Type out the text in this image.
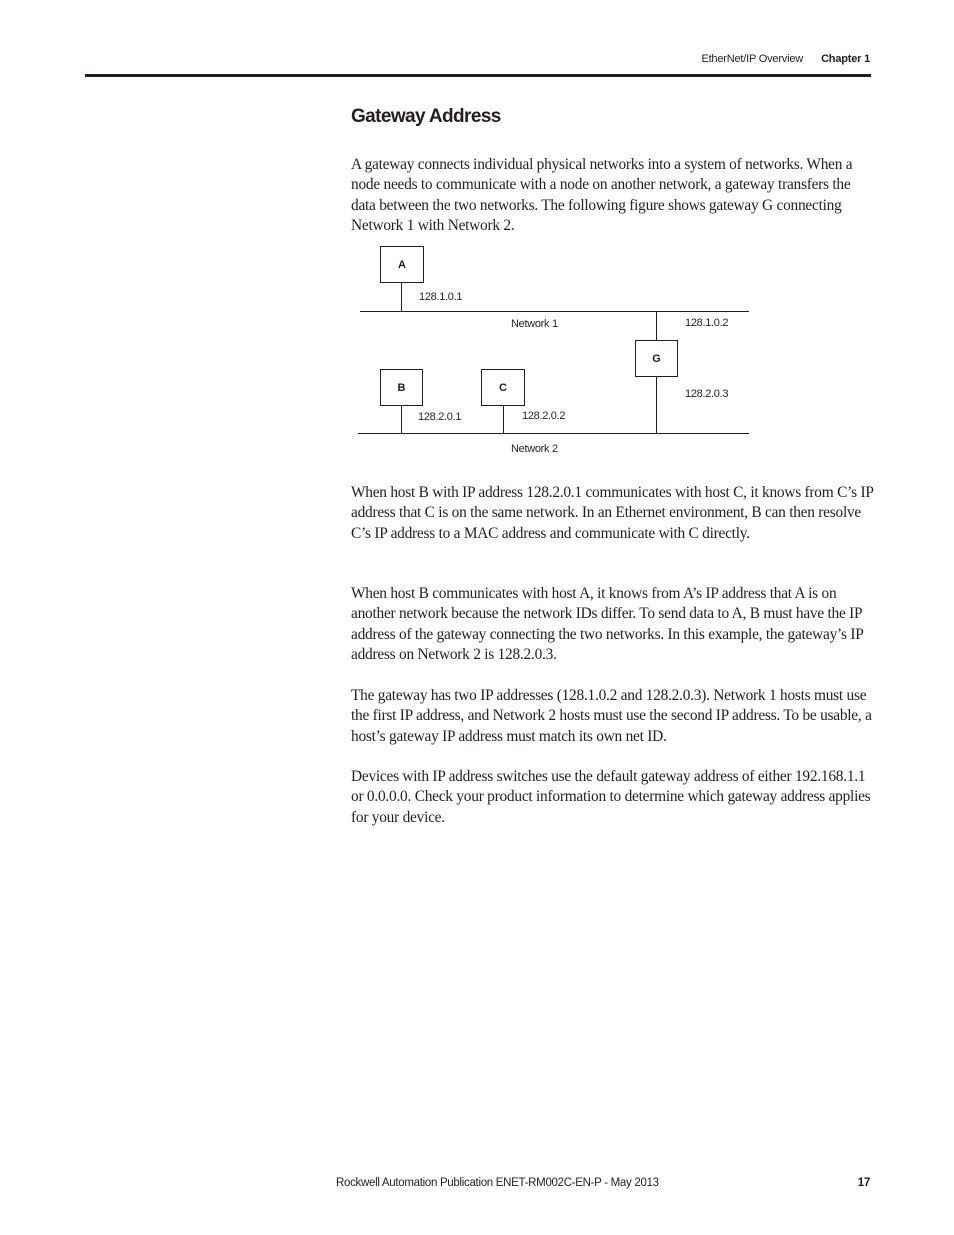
EtherNet/IP Overview Chapter 1
Gateway Address

A gateway connects individual physical networks into a system of networks. When a node needs to communicate with a node on another network, a gateway transfers the data between the two networks. The following figure shows gateway G connecting Network 1 with Network 2.

A
128.1.0.1
Network 1	128.1.0.2
G
128.2.0.3
B
128.2.0.1
C
128.2.0.2
Network 2

When host B with IP address 128.2.0.1 communicates with host C, it knows from C’s IP address that C is on the same network. In an Ethernet environment, B can then resolve C’s IP address to a MAC address and communicate with C directly.

When host B communicates with host A, it knows from A’s IP address that A is on another network because the network IDs differ. To send data to A, B must have the IP address of the gateway connecting the two networks. In this example, the gateway’s IP address on Network 2 is 128.2.0.3.

The gateway has two IP addresses (128.1.0.2 and 128.2.0.3). Network 1 hosts must use the first IP address, and Network 2 hosts must use the second IP address. To be usable, a host’s gateway IP address must match its own net ID.

Devices with IP address switches use the default gateway address of either 192.168.1.1 or 0.0.0.0. Check your product information to determine which gateway address applies for your device.

Rockwell Automation Publication ENET-RM002C-EN-P - May 2013	17
